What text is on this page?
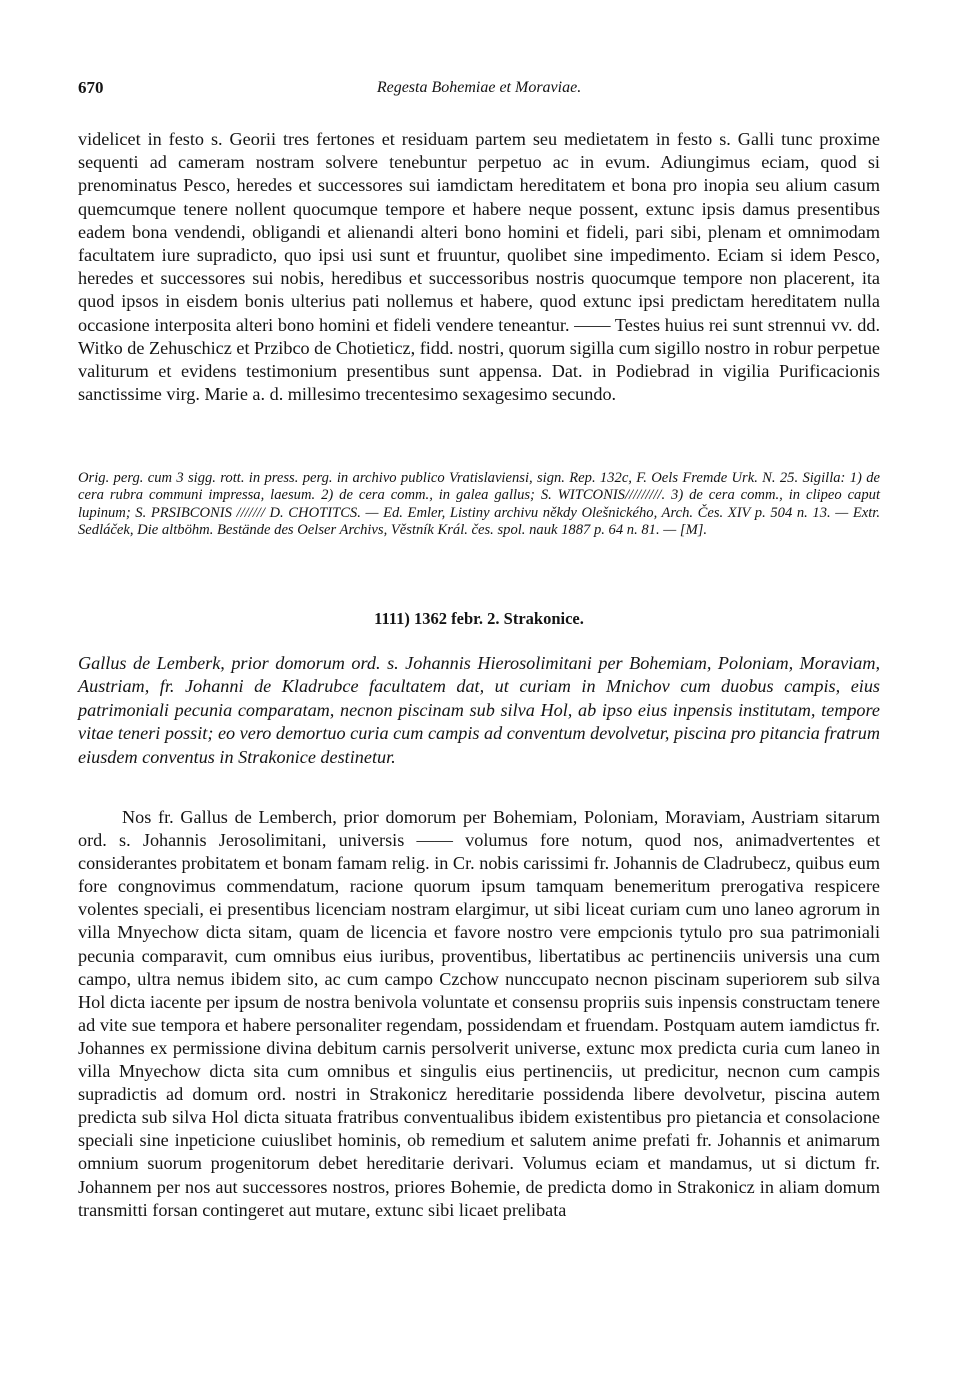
670	Regesta Bohemiae et Moraviae.

videlicet in festo s. Georii tres fertones et residuam partem seu medietatem in festo s. Galli tunc proxime sequenti ad cameram nostram solvere tenebuntur perpetuo ac in evum. Adiungimus eciam, quod si prenominatus Pesco, heredes et successores sui iamdictam hereditatem et bona pro inopia seu alium casum quemcumque tenere nollent quocumque tempore et habere neque possent, extunc ipsis damus presentibus eadem bona vendendi, obligandi et alienandi alteri bono homini et fideli, pari sibi, plenam et omnimodam facultatem iure supradicto, quo ipsi usi sunt et fruuntur, quolibet sine impedimento. Eciam si idem Pesco, heredes et successores sui nobis, heredibus et successoribus nostris quocumque tempore non placerent, ita quod ipsos in eisdem bonis ulterius pati nollemus et habere, quod extunc ipsi predictam hereditatem nulla occasione interposita alteri bono homini et fideli vendere teneantur. —— Testes huius rei sunt strennui vv. dd. Witko de Zehuschicz et Przibco de Chotieticz, fidd. nostri, quorum sigilla cum sigillo nostro in robur perpetue valiturum et evidens testimonium presentibus sunt appensa. Dat. in Podiebrad in vigilia Purificacionis sanctissime virg. Marie a. d. millesimo trecentesimo sexagesimo secundo.

Orig. perg. cum 3 sigg. rott. in press. perg. in archivo publico Vratislaviensi, sign. Rep. 132c, F. Oels Fremde Urk. N. 25. Sigilla: 1) de cera rubra communi impressa, laesum. 2) de cera comm., in galea gallus; S. WITCONIS/////////. 3) de cera comm., in clipeo caput lupinum; S. PRSIBCONIS /////// D. CHOTITCS. — Ed. Emler, Listiny archivu někdy Olešnického, Arch. Čes. XIV p. 504 n. 13. — Extr. Sedláček, Die altböhm. Bestände des Oelser Archivs, Věstník Král. čes. spol. nauk 1887 p. 64 n. 81. — [M].

1111) 1362 febr. 2. Strakonice.

Gallus de Lemberk, prior domorum ord. s. Johannis Hierosolimitani per Bohemiam, Poloniam, Moraviam, Austriam, fr. Johanni de Kladrubce facultatem dat, ut curiam in Mnichov cum duobus campis, eius patrimoniali pecunia comparatam, necnon piscinam sub silva Hol, ab ipso eius inpensis institutam, tempore vitae teneri possit; eo vero demortuo curia cum campis ad conventum devolvetur, piscina pro pitancia fratrum eiusdem conventus in Strakonice destinetur.

Nos fr. Gallus de Lemberch, prior domorum per Bohemiam, Poloniam, Moraviam, Austriam sitarum ord. s. Johannis Jerosolimitani, universis —— volumus fore notum, quod nos, animadvertentes et considerantes probitatem et bonam famam relig. in Cr. nobis carissimi fr. Johannis de Cladrubecz, quibus eum fore congnovimus commendatum, racione quorum ipsum tamquam benemeritum prerogativa respicere volentes speciali, ei presentibus licenciam nostram elargimur, ut sibi liceat curiam cum uno laneo agrorum in villa Mnyechow dicta sitam, quam de licencia et favore nostro vere empcionis tytulo pro sua patrimoniali pecunia comparavit, cum omnibus eius iuribus, proventibus, libertatibus ac pertinenciis universis una cum campo, ultra nemus ibidem sito, ac cum campo Czchow nunccupato necnon piscinam superiorem sub silva Hol dicta iacente per ipsum de nostra benivola voluntate et consensu propriis suis inpensis constructam tenere ad vite sue tempora et habere personaliter regendam, possidendam et fruendam. Postquam autem iamdictus fr. Johannes ex permissione divina debitum carnis persolverit universe, extunc mox predicta curia cum laneo in villa Mnyechow dicta sita cum omnibus et singulis eius pertinenciis, ut predicitur, necnon cum campis supradictis ad domum ord. nostri in Strakonicz hereditarie possidenda libere devolvetur, piscina autem predicta sub silva Hol dicta situata fratribus conventualibus ibidem existentibus pro pietancia et consolacione speciali sine inpeticione cuiuslibet hominis, ob remedium et salutem anime prefati fr. Johannis et animarum omnium suorum progenitorum debet hereditarie derivari. Volumus eciam et mandamus, ut si dictum fr. Johannem per nos aut successores nostros, priores Bohemie, de predicta domo in Strakonicz in aliam domum transmitti forsan contingeret aut mutare, extunc sibi licaet prelibata
